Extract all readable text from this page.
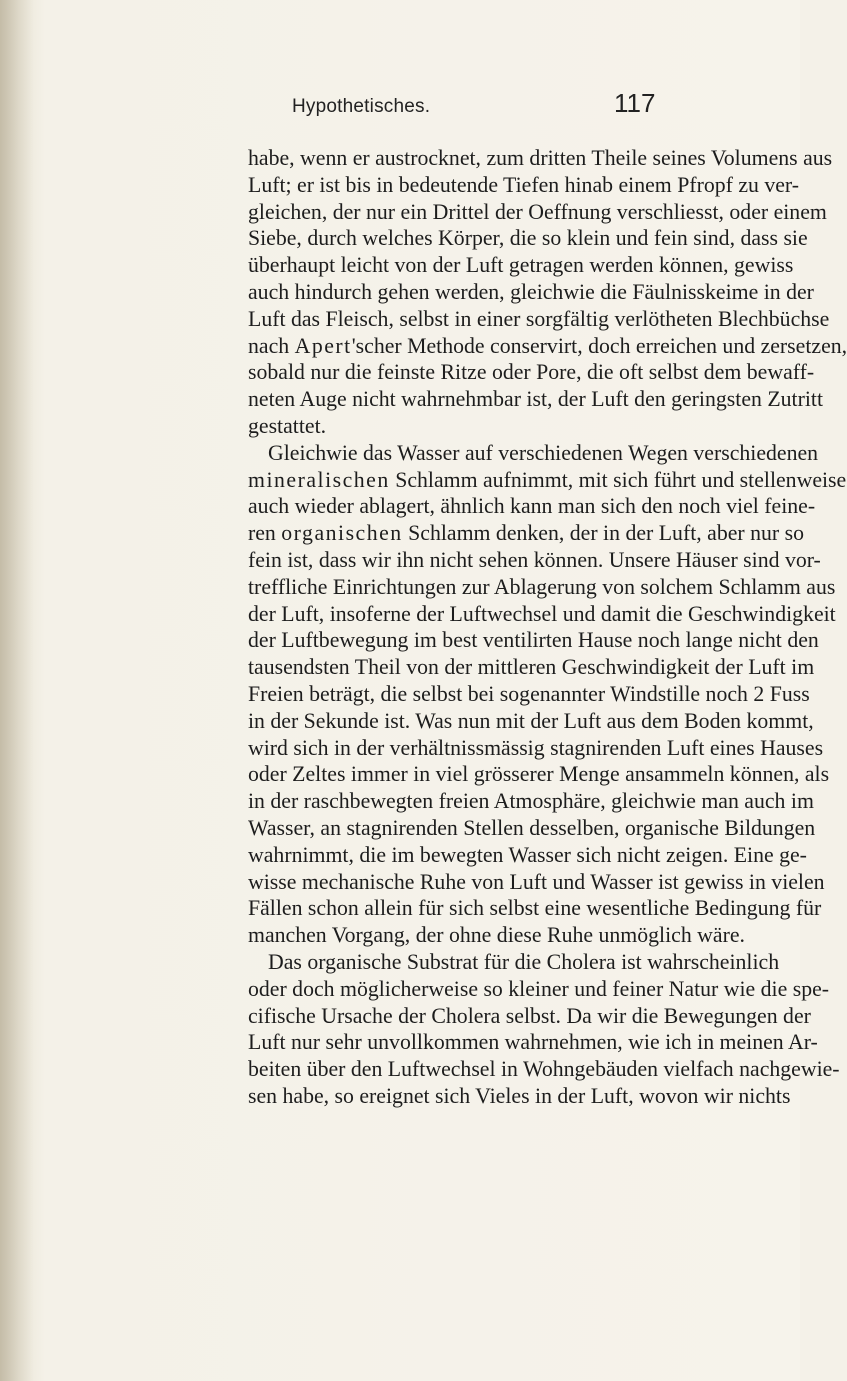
Hypothetisches.	117
habe, wenn er austrocknet, zum dritten Theile seines Volumens aus
Luft; er ist bis in bedeutende Tiefen hinab einem Pfropf zu ver-
gleichen, der nur ein Drittel der Oeffnung verschliesst, oder einem
Siebe, durch welches Körper, die so klein und fein sind, dass sie
überhaupt leicht von der Luft getragen werden können, gewiss
auch hindurch gehen werden, gleichwie die Fäulnisskeime in der
Luft das Fleisch, selbst in einer sorgfältig verlötheten Blechbüchse
nach Apert'scher Methode conservirt, doch erreichen und zersetzen,
sobald nur die feinste Ritze oder Pore, die oft selbst dem bewaff-
neten Auge nicht wahrnehmbar ist, der Luft den geringsten Zutritt
gestattet.
Gleichwie das Wasser auf verschiedenen Wegen verschiedenen
mineralischen Schlamm aufnimmt, mit sich führt und stellenweise
auch wieder ablagert, ähnlich kann man sich den noch viel feine-
ren organischen Schlamm denken, der in der Luft, aber nur so
fein ist, dass wir ihn nicht sehen können. Unsere Häuser sind vor-
treffliche Einrichtungen zur Ablagerung von solchem Schlamm aus
der Luft, insoferne der Luftwechsel und damit die Geschwindigkeit
der Luftbewegung im best ventilirten Hause noch lange nicht den
tausendsten Theil von der mittleren Geschwindigkeit der Luft im
Freien beträgt, die selbst bei sogenannter Windstille noch 2 Fuss
in der Sekunde ist. Was nun mit der Luft aus dem Boden kommt,
wird sich in der verhältnissmässig stagnirenden Luft eines Hauses
oder Zeltes immer in viel grösserer Menge ansammeln können, als
in der raschbewegten freien Atmosphäre, gleichwie man auch im
Wasser, an stagnirenden Stellen desselben, organische Bildungen
wahrnimmt, die im bewegten Wasser sich nicht zeigen. Eine ge-
wisse mechanische Ruhe von Luft und Wasser ist gewiss in vielen
Fällen schon allein für sich selbst eine wesentliche Bedingung für
manchen Vorgang, der ohne diese Ruhe unmöglich wäre.
Das organische Substrat für die Cholera ist wahrscheinlich
oder doch möglicherweise so kleiner und feiner Natur wie die spe-
cifische Ursache der Cholera selbst. Da wir die Bewegungen der
Luft nur sehr unvollkommen wahrnehmen, wie ich in meinen Ar-
beiten über den Luftwechsel in Wohngebäuden vielfach nachgewie-
sen habe, so ereignet sich Vieles in der Luft, wovon wir nichts
